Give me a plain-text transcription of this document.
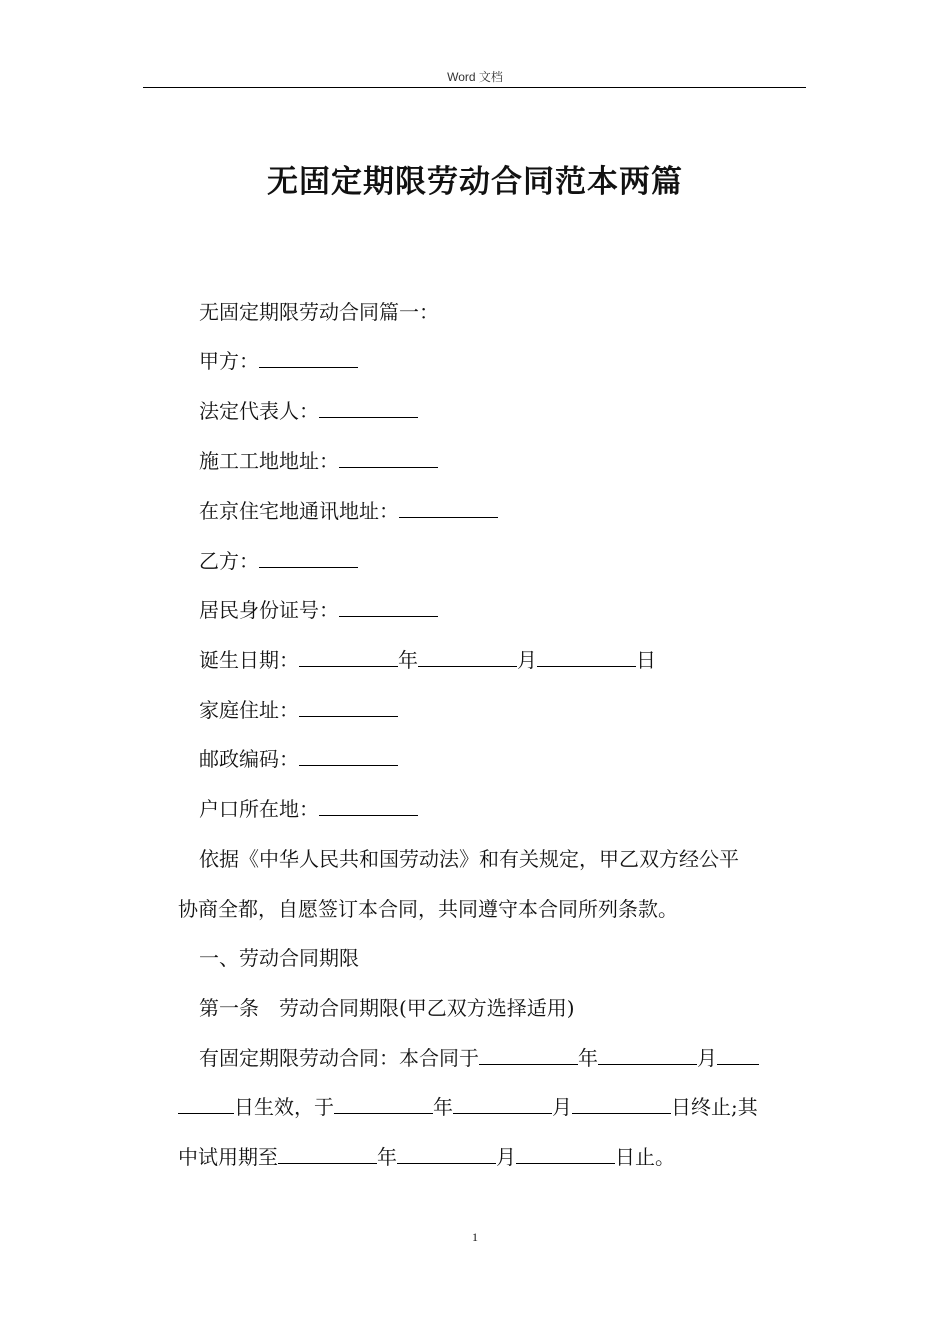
Word 文档
无固定期限劳动合同范本两篇
无固定期限劳动合同篇一：
甲方：
法定代表人：
施工工地地址：
在京住宅地通讯地址：
乙方：
居民身份证号：
诞生日期：	年	月	日
家庭住址：
邮政编码：
户口所在地：
依据《中华人民共和国劳动法》和有关规定，甲乙双方经公平
协商全都，自愿签订本合同，共同遵守本合同所列条款。
一、劳动合同期限
第一条　劳动合同期限(甲乙双方选择适用)
有固定期限劳动合同：本合同于	年	月
日生效，于	年	月	日终止;其
中试用期至	年	月	日止。
1
